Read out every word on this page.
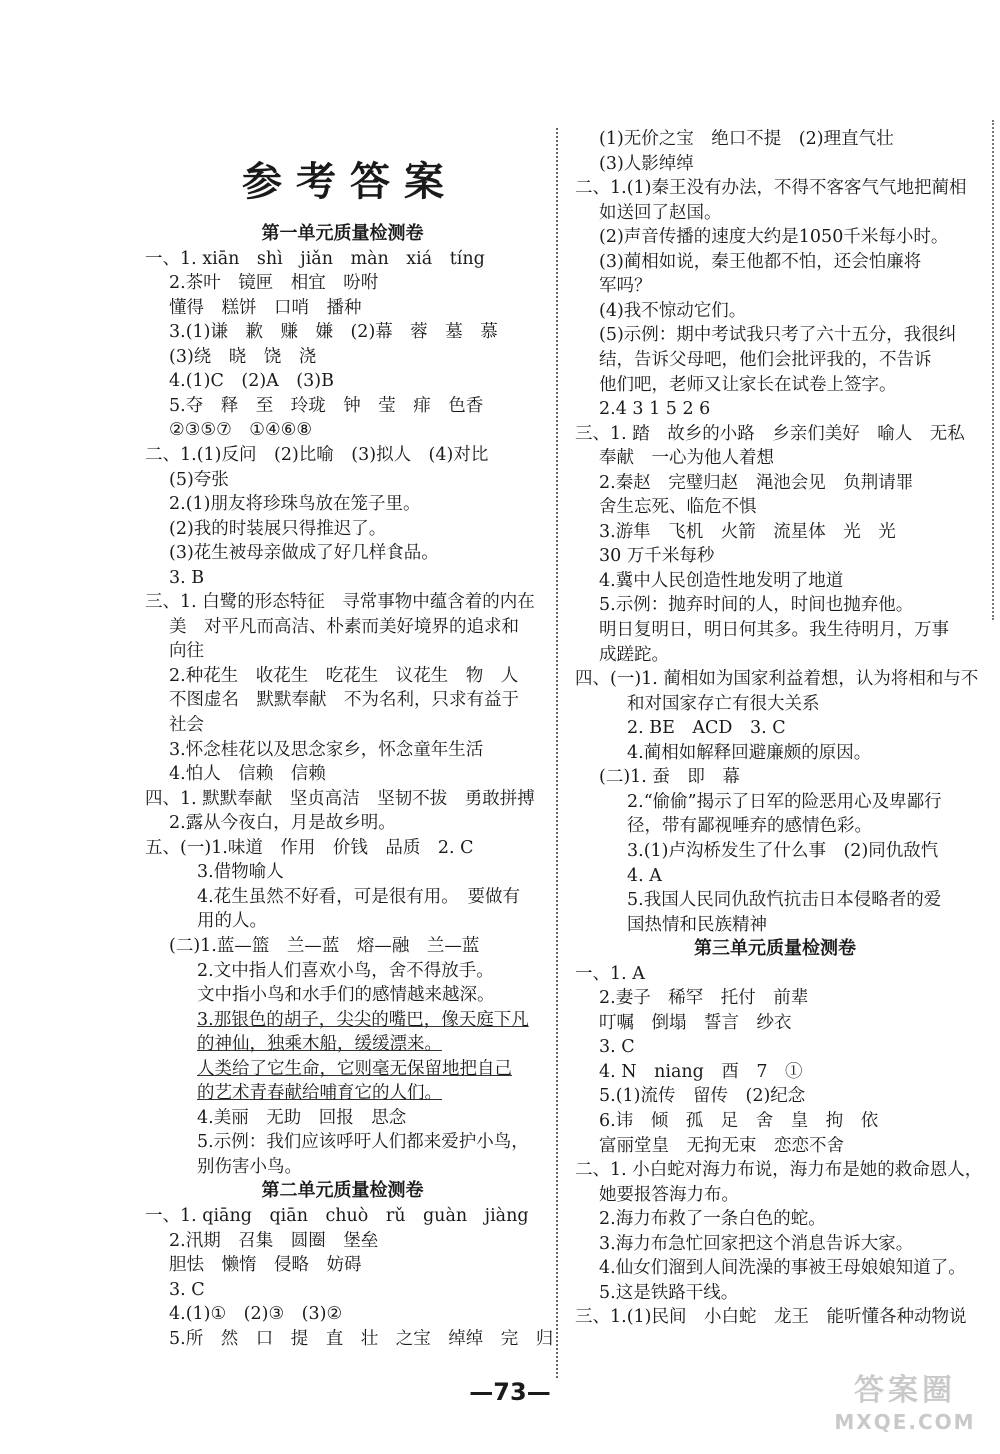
参考答案
第一单元质量检测卷
一、1. xiān　shì　jiǎn　màn　xiá　tíng
2.茶叶　镜匣　相宜　吩咐
懂得　糕饼　口哨　播种
3.(1)谦　歉　赚　嫌　(2)幕　蓉　墓　慕
(3)绕　晓　饶　浇
4.(1)C　(2)A　(3)B
5.夺　释　至　玲珑　钟　莹　痱　色香
②③⑤⑦　①④⑥⑧
二、1.(1)反问　(2)比喻　(3)拟人　(4)对比
(5)夸张
2.(1)朋友将珍珠鸟放在笼子里。
(2)我的时装展只得推迟了。
(3)花生被母亲做成了好几样食品。
3. B
三、1. 白鹭的形态特征　寻常事物中蕴含着的内在
美　对平凡而高洁、朴素而美好境界的追求和
向往
2.种花生　收花生　吃花生　议花生　物　人
不图虚名　默默奉献　不为名利，只求有益于
社会
3.怀念桂花以及思念家乡，怀念童年生活
4.怕人　信赖　信赖
四、1. 默默奉献　坚贞高洁　坚韧不拔　勇敢拼搏
2.露从今夜白，月是故乡明。
五、(一)1.味道　作用　价钱　品质　2. C
3.借物喻人
4.花生虽然不好看，可是很有用。　要做有
用的人。
(二)1.蓝—篮　兰—蓝　熔—融　兰—蓝
2.文中指人们喜欢小鸟，舍不得放手。
文中指小鸟和水手们的感情越来越深。
3.那银色的胡子，尖尖的嘴巴，像天庭下凡
的神仙，独乘木船，缓缓漂来。
人类给了它生命，它则毫无保留地把自己
的艺术青春献给哺育它的人们。
4.美丽　无助　回报　思念
5.示例：我们应该呼吁人们都来爱护小鸟，
别伤害小鸟。
第二单元质量检测卷
一、1. qiāng　qiān　chuò　rǔ　guàn　jiàng
2.汛期　召集　圆圈　堡垒
胆怯　懒惰　侵略　妨碍
3. C
4.(1)①　(2)③　(3)②
5.所　然　口　提　直　壮　之宝　绰绰　完　归
(1)无价之宝　绝口不提　(2)理直气壮
(3)人影绰绰
二、1.(1)秦王没有办法，不得不客客气气地把蔺相
如送回了赵国。
(2)声音传播的速度大约是1050千米每小时。
(3)蔺相如说，秦王他都不怕，还会怕廉将
军吗？
(4)我不惊动它们。
(5)示例：期中考试我只考了六十五分，我很纠
结，告诉父母吧，他们会批评我的，不告诉
他们吧，老师又让家长在试卷上签字。
2.4 3 1 5 2 6
三、1. 踏　故乡的小路　乡亲们美好　喻人　无私
奉献　一心为他人着想
2.秦赵　完璧归赵　渑池会见　负荆请罪
舍生忘死、临危不惧
3.游隼　飞机　火箭　流星体　光　光
30 万千米每秒
4.冀中人民创造性地发明了地道
5.示例：抛弃时间的人，时间也抛弃他。
明日复明日，明日何其多。我生待明月，万事
成蹉跎。
四、(一)1. 蔺相如为国家利益着想，认为将相和与不
和对国家存亡有很大关系
2. BE　ACD　3. C
4.蔺相如解释回避廉颇的原因。
(二)1. 蚕　即　幕
2.“偷偷”揭示了日军的险恶用心及卑鄙行
径，带有鄙视唾弃的感情色彩。
3.(1)卢沟桥发生了什么事　(2)同仇敌忾
4. A
5.我国人民同仇敌忾抗击日本侵略者的爱
国热情和民族精神
第三单元质量检测卷
一、1. A
2.妻子　稀罕　托付　前辈
叮嘱　倒塌　誓言　纱衣
3. C
4. N　niang　酉　7　①
5.(1)流传　留传　(2)纪念
6.讳　倾　孤　足　舍　皇　拘　依
富丽堂皇　无拘无束　恋恋不舍
二、1. 小白蛇对海力布说，海力布是她的救命恩人，
她要报答海力布。
2.海力布救了一条白色的蛇。
3.海力布急忙回家把这个消息告诉大家。
4.仙女们溜到人间洗澡的事被王母娘娘知道了。
5.这是铁路干线。
三、1.(1)民间　小白蛇　龙王　能听懂各种动物说
—73—	答案圈
MXQE.COM
